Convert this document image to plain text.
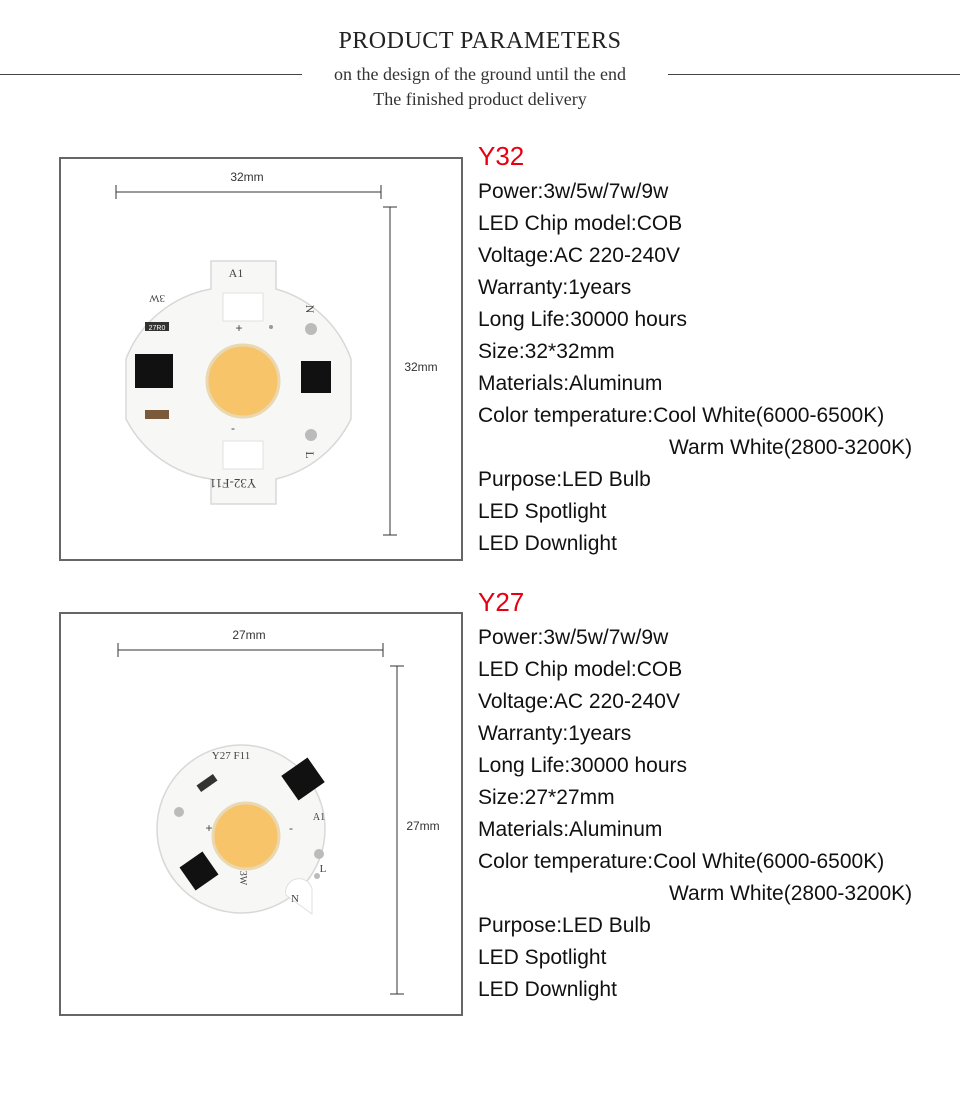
PRODUCT PARAMETERS
on the design of the ground until the end
The finished product delivery
32mm
32mm
A1
3W
27R0
N
L
+
-
Y32-F11
Y32
Power:3w/5w/7w/9w
LED Chip model:COB
Voltage:AC 220-240V
Warranty:1years
Long Life:30000 hours
Size:32*32mm
Materials:Aluminum
Color temperature:Cool White(6000-6500K)
Warm White(2800-3200K)
Purpose:LED Bulb
LED Spotlight
LED Downlight
27mm
27mm
Y27 F11
A1
3W
N
L
+	-
Y27
Power:3w/5w/7w/9w
LED Chip model:COB
Voltage:AC 220-240V
Warranty:1years
Long Life:30000 hours
Size:27*27mm
Materials:Aluminum
Color temperature:Cool White(6000-6500K)
Warm White(2800-3200K)
Purpose:LED Bulb
LED Spotlight
LED Downlight
